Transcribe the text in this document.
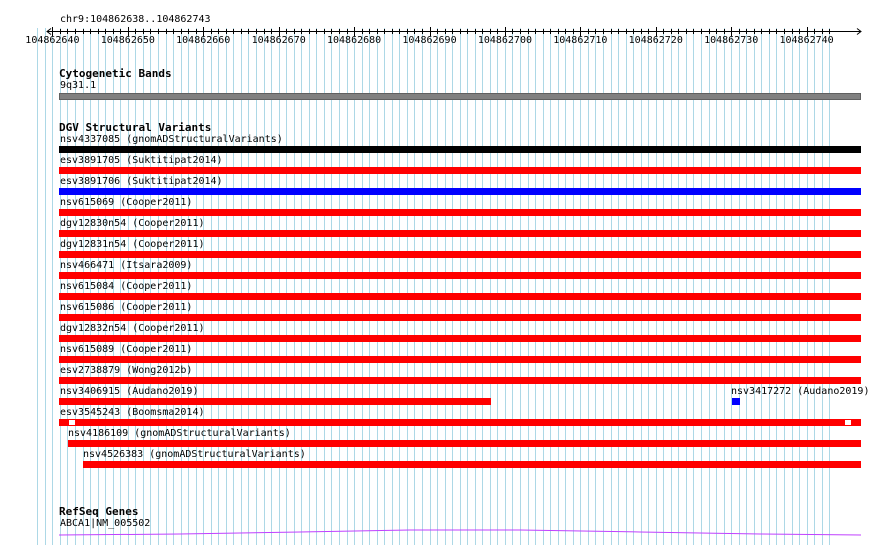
chr9:104862638..104862743
104862640 104862650 104862660 104862670 104862680 104862690 104862700 104862710 104862720 104862730 104862740
Cytogenetic Bands
9q31.1
DGV Structural Variants
nsv4337085 (gnomADStructuralVariants)
esv3891705 (Suktitipat2014)
esv3891706 (Suktitipat2014)
nsv615069 (Cooper2011)
dgv12830n54 (Cooper2011)
dgv12831n54 (Cooper2011)
nsv466471 (Itsara2009)
nsv615084 (Cooper2011)
nsv615086 (Cooper2011)
dgv12832n54 (Cooper2011)
nsv615089 (Cooper2011)
esv2738879 (Wong2012b)
nsv3406915 (Audano2019)	nsv3417272 (Audano2019)
esv3545243 (Boomsma2014)
nsv4186109 (gnomADStructuralVariants)
nsv4526383 (gnomADStructuralVariants)
RefSeq Genes
ABCA1|NM_005502
